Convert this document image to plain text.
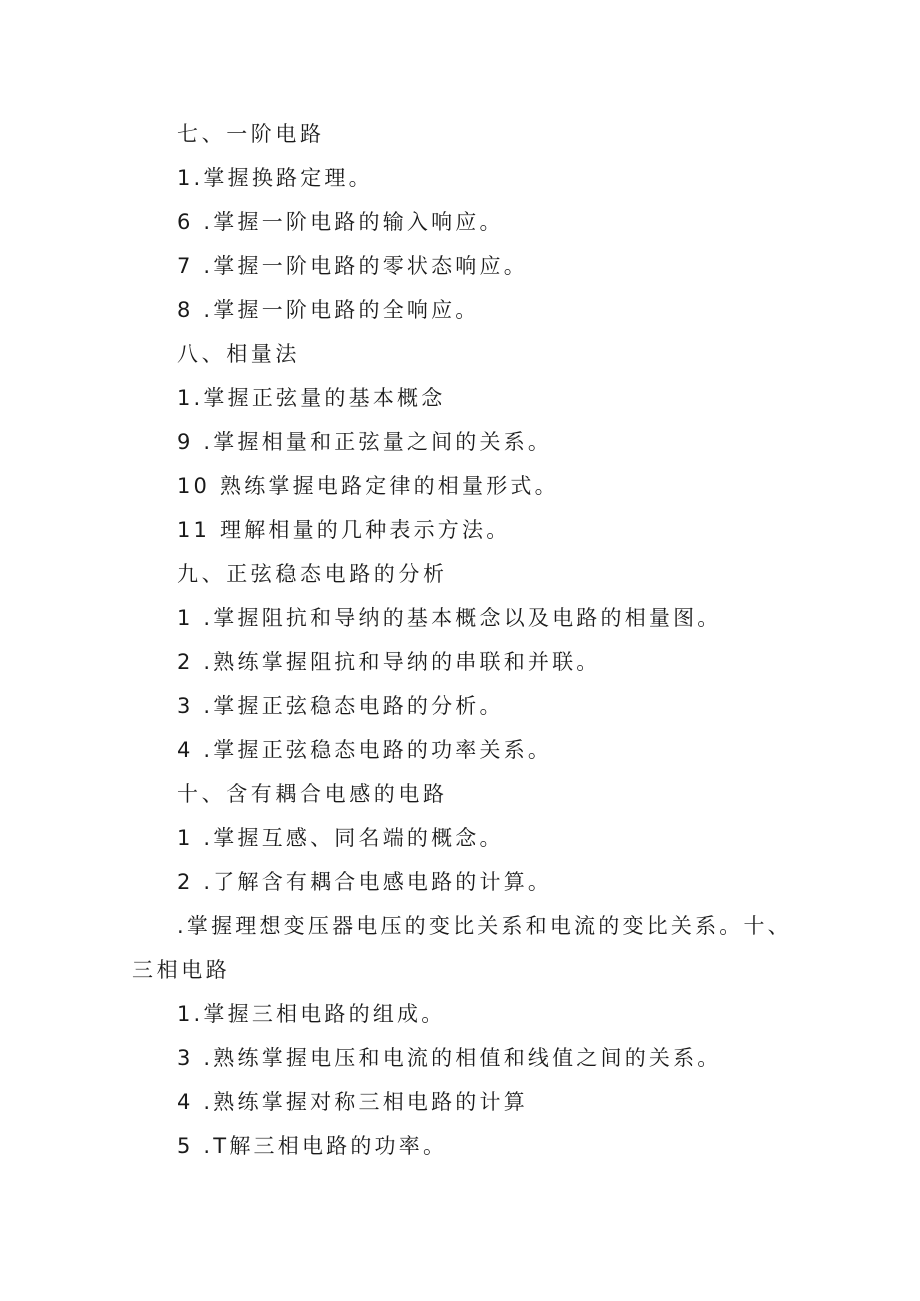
七、一阶电路
1.掌握换路定理。
6 .掌握一阶电路的输入响应。
7 .掌握一阶电路的零状态响应。
8 .掌握一阶电路的全响应。
八、相量法
1.掌握正弦量的基本概念
9 .掌握相量和正弦量之间的关系。
10 熟练掌握电路定律的相量形式。
11 理解相量的几种表示方法。
九、正弦稳态电路的分析
1 .掌握阻抗和导纳的基本概念以及电路的相量图。
2 .熟练掌握阻抗和导纳的串联和并联。
3 .掌握正弦稳态电路的分析。
4 .掌握正弦稳态电路的功率关系。
十、含有耦合电感的电路
1 .掌握互感、同名端的概念。
2 .了解含有耦合电感电路的计算。
.掌握理想变压器电压的变比关系和电流的变比关系。十、
三相电路
1.掌握三相电路的组成。
3 .熟练掌握电压和电流的相值和线值之间的关系。
4 .熟练掌握对称三相电路的计算
5 .T解三相电路的功率。
